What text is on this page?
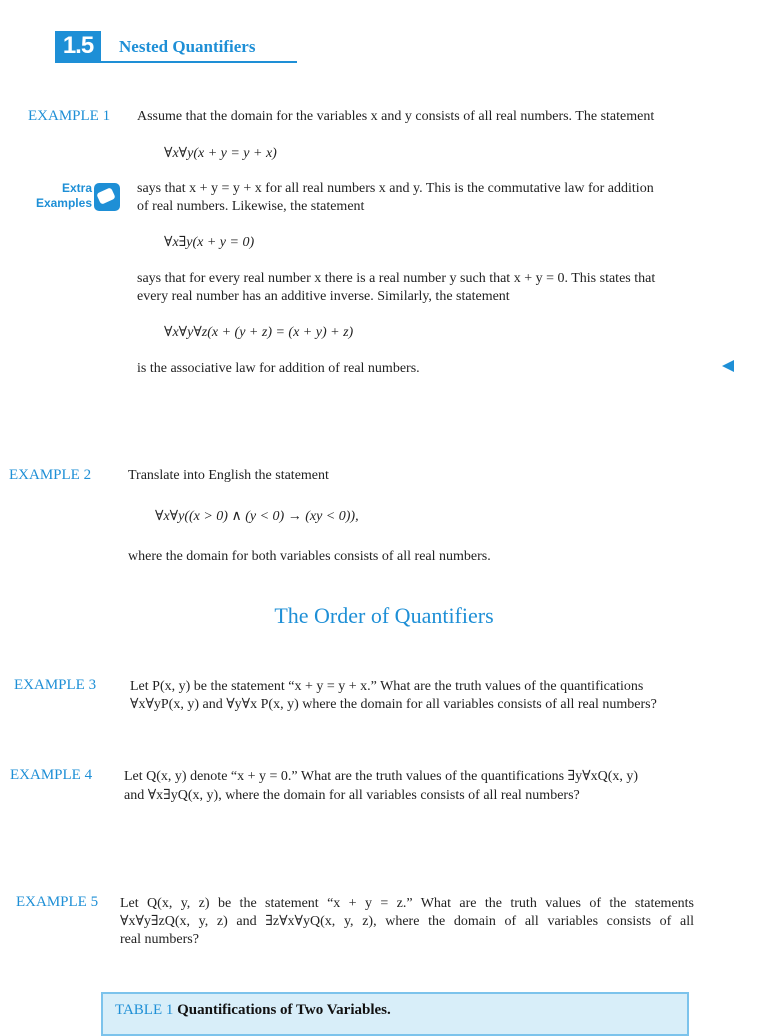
1.5	Nested Quantifiers
EXAMPLE 1 Assume that the domain for the variables x and y consists of all real numbers. The statement
∀x∀y(x + y = y + x)
Extra
Examples
says that x + y = y + x for all real numbers x and y. This is the commutative law for addition
of real numbers. Likewise, the statement
∀x∃y(x + y = 0)
says that for every real number x there is a real number y such that x + y = 0. This states that
every real number has an additive inverse. Similarly, the statement
∀x∀y∀z(x + (y + z) = (x + y) + z)
is the associative law for addition of real numbers.
EXAMPLE 2	Translate into English the statement
∀x∀y((x > 0) ∧ (y < 0) → (xy < 0)),
where the domain for both variables consists of all real numbers.
The Order of Quantifiers
EXAMPLE 3 Let P(x, y) be the statement “x + y = y + x.” What are the truth values of the quantifications
∀x∀yP(x, y) and ∀y∀x P(x, y) where the domain for all variables consists of all real numbers?
EXAMPLE 4 Let Q(x, y) denote “x + y = 0.” What are the truth values of the quantifications ∃y∀xQ(x, y)
and ∀x∃yQ(x, y), where the domain for all variables consists of all real numbers?
EXAMPLE 5 Let Q(x, y, z) be the statement “x + y = z.” What are the truth values of the statements
∀x∀y∃zQ(x, y, z) and ∃z∀x∀yQ(x, y, z), where the domain of all variables consists of all
real numbers?
TABLE 1 Quantifications of Two Variables.
